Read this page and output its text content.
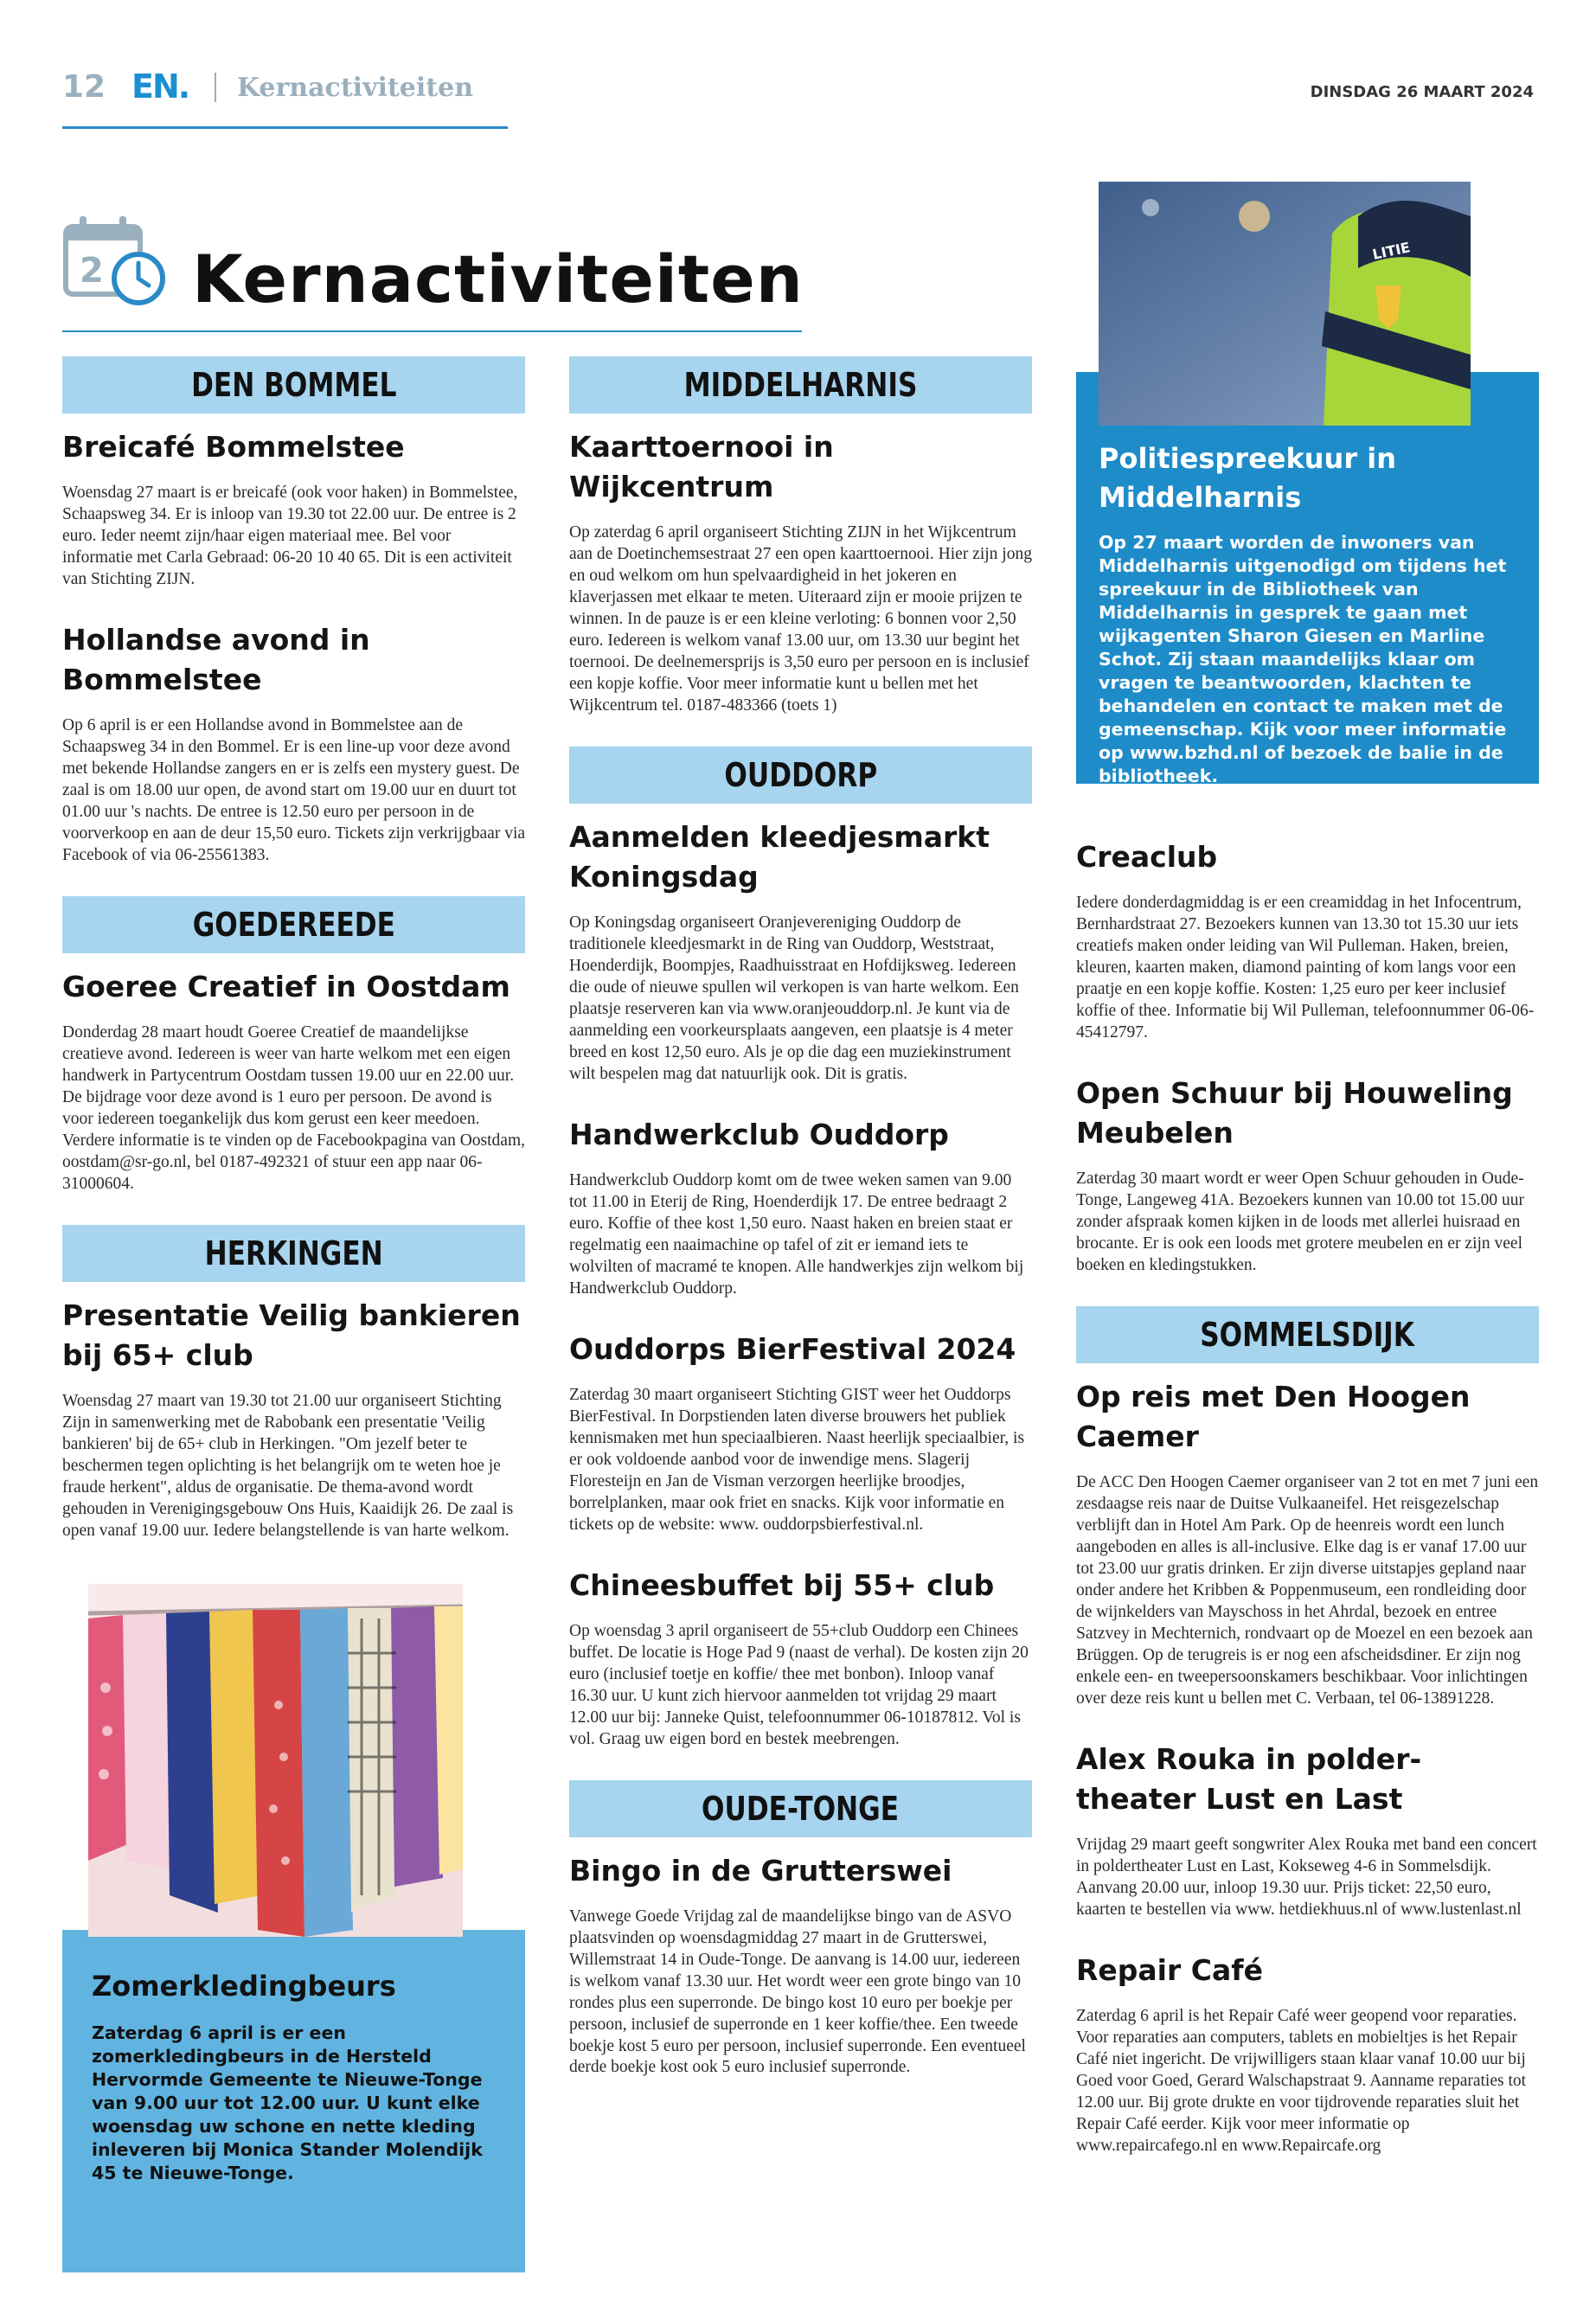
12 EN. Kernactiviteiten	DINSDAG 26 MAART 2024
2 Kernactiviteiten
DEN BOMMEL
Breicafé Bommelstee

Woensdag 27 maart is er breicafé (ook voor haken) in Bommelstee, Schaapsweg 34. Er is inloop van 19.30 tot 22.00 uur. De entree is 2 euro. Ieder neemt zijn/haar eigen materiaal mee. Bel voor informatie met Carla Gebraad: 06-20 10 40 65. Dit is een activiteit van Stichting ZIJN.

Hollandse avond in Bommelstee

Op 6 april is er een Hollandse avond in Bommelstee aan de Schaapsweg 34 in den Bommel. Er is een line-up voor deze avond met bekende Hollandse zangers en er is zelfs een mystery guest. De zaal is om 18.00 uur open, de avond start om 19.00 uur en duurt tot 01.00 uur 's nachts. De entree is 12.50 euro per persoon in de voorverkoop en aan de deur 15,50 euro. Tickets zijn verkrijgbaar via Facebook of via 06-25561383.

GOEDEREEDE
Goeree Creatief in Oostdam

Donderdag 28 maart houdt Goeree Creatief de maandelijkse creatieve avond. Iedereen is weer van harte welkom met een eigen handwerk in Partycentrum Oostdam tussen 19.00 uur en 22.00 uur. De bijdrage voor deze avond is 1 euro per persoon. De avond is voor iedereen toegankelijk dus kom gerust een keer meedoen. Verdere informatie is te vinden op de Facebookpagina van Oostdam, oostdam@sr-go.nl, bel 0187-492321 of stuur een app naar 06-31000604.

HERKINGEN
Presentatie Veilig bankieren bij 65+ club

Woensdag 27 maart van 19.30 tot 21.00 uur organiseert Stichting Zijn in samenwerking met de Rabobank een presentatie 'Veilig bankieren' bij de 65+ club in Herkingen. "Om jezelf beter te beschermen tegen oplichting is het belangrijk om te weten hoe je fraude herkent", aldus de organisatie. De thema-avond wordt gehouden in Verenigingsgebouw Ons Huis, Kaaidijk 26. De zaal is open vanaf 19.00 uur. Iedere belangstellende is van harte welkom.

Zomerkledingbeurs
Zaterdag 6 april is er een zomerkledingbeurs in de Hersteld Hervormde Gemeente te Nieuwe-Tonge van 9.00 uur tot 12.00 uur. U kunt elke woensdag uw schone en nette kleding inleveren bij Monica Stander Molendijk 45 te Nieuwe-Tonge.
MIDDELHARNIS
Kaarttoernooi in Wijkcentrum

Op zaterdag 6 april organiseert Stichting ZIJN in het Wijkcentrum aan de Doetinchemsestraat 27 een open kaarttoernooi. Hier zijn jong en oud welkom om hun spelvaardigheid in het jokeren en klaverjassen met elkaar te meten. Uiteraard zijn er mooie prijzen te winnen. In de pauze is er een kleine verloting: 6 bonnen voor 2,50 euro. Iedereen is welkom vanaf 13.00 uur, om 13.30 uur begint het toernooi. De deelnemersprijs is 3,50 euro per persoon en is inclusief een kopje koffie. Voor meer informatie kunt u bellen met het Wijkcentrum tel. 0187-483366 (toets 1)

OUDDORP
Aanmelden kleedjesmarkt Koningsdag

Op Koningsdag organiseert Oranjevereniging Ouddorp de traditionele kleedjesmarkt in de Ring van Ouddorp, Weststraat, Hoenderdijk, Boompjes, Raadhuisstraat en Hofdijksweg. Iedereen die oude of nieuwe spullen wil verkopen is van harte welkom. Een plaatsje reserveren kan via www.oranjeouddorp.nl. Je kunt via de aanmelding een voorkeursplaats aangeven, een plaatsje is 4 meter breed en kost 12,50 euro. Als je op die dag een muziekinstrument wilt bespelen mag dat natuurlijk ook. Dit is gratis.

Handwerkclub Ouddorp

Handwerkclub Ouddorp komt om de twee weken samen van 9.00 tot 11.00 in Eterij de Ring, Hoenderdijk 17. De entree bedraagt 2 euro. Koffie of thee kost 1,50 euro. Naast haken en breien staat er regelmatig een naaimachine op tafel of zit er iemand iets te wolvilten of macramé te knopen. Alle handwerkjes zijn welkom bij Handwerkclub Ouddorp.

Ouddorps BierFestival 2024

Zaterdag 30 maart organiseert Stichting GIST weer het Ouddorps BierFestival. In Dorpstienden laten diverse brouwers het publiek kennismaken met hun speciaalbieren. Naast heerlijk speciaalbier, is er ook voldoende aanbod voor de inwendige mens. Slagerij Floresteijn en Jan de Visman verzorgen heerlijke broodjes, borrelplanken, maar ook friet en snacks. Kijk voor informatie en tickets op de website: www. ouddorpsbierfestival.nl.

Chineesbuffet bij 55+ club

Op woensdag 3 april organiseert de 55+club Ouddorp een Chinees buffet. De locatie is Hoge Pad 9 (naast de verhal). De kosten zijn 20 euro (inclusief toetje en koffie/ thee met bonbon). Inloop vanaf 16.30 uur. U kunt zich hiervoor aanmelden tot vrijdag 29 maart 12.00 uur bij: Janneke Quist, telefoonnummer 06-10187812. Vol is vol. Graag uw eigen bord en bestek meebrengen.

OUDE-TONGE
Bingo in de Grutterswei

Vanwege Goede Vrijdag zal de maandelijkse bingo van de ASVO plaatsvinden op woensdagmiddag 27 maart in de Grutterswei, Willemstraat 14 in Oude-Tonge. De aanvang is 14.00 uur, iedereen is welkom vanaf 13.30 uur. Het wordt weer een grote bingo van 10 rondes plus een superronde. De bingo kost 10 euro per boekje per persoon, inclusief de superronde en 1 keer koffie/thee. Een tweede boekje kost 5 euro per persoon, inclusief superronde. Een eventueel derde boekje kost ook 5 euro inclusief superronde.

LITIE
Politiespreekuur in Middelharnis
Op 27 maart worden de inwoners van Middelharnis uitgenodigd om tijdens het spreekuur in de Bibliotheek van Middelharnis in gesprek te gaan met wijkagenten Sharon Giesen en Marline Schot. Zij staan maandelijks klaar om vragen te beantwoorden, klachten te behandelen en contact te maken met de gemeenschap. Kijk voor meer informatie op www.bzhd.nl of bezoek de balie in de bibliotheek.
Creaclub

Iedere donderdagmiddag is er een creamiddag in het Infocentrum, Bernhardstraat 27. Bezoekers kunnen van 13.30 tot 15.30 uur iets creatiefs maken onder leiding van Wil Pulleman. Haken, breien, kleuren, kaarten maken, diamond painting of kom langs voor een praatje en een kopje koffie. Kosten: 1,25 euro per keer inclusief koffie of thee. Informatie bij Wil Pulleman, telefoonnummer 06-06-45412797.

Open Schuur bij Houweling Meubelen

Zaterdag 30 maart wordt er weer Open Schuur gehouden in Oude-Tonge, Langeweg 41A. Bezoekers kunnen van 10.00 tot 15.00 uur zonder afspraak komen kijken in de loods met allerlei huisraad en brocante. Er is ook een loods met grotere meubelen en er zijn veel boeken en kledingstukken.

SOMMELSDIJK
Op reis met Den Hoogen Caemer

De ACC Den Hoogen Caemer organiseer van 2 tot en met 7 juni een zesdaagse reis naar de Duitse Vulkaaneifel. Het reisgezelschap verblijft dan in Hotel Am Park. Op de heenreis wordt een lunch aangeboden en alles is all-inclusive. Elke dag is er vanaf 17.00 uur tot 23.00 uur gratis drinken. Er zijn diverse uitstapjes gepland naar onder andere het Kribben & Poppenmuseum, een rondleiding door de wijnkelders van Mayschoss in het Ahrdal, bezoek en entree Satzvey in Mechternich, rondvaart op de Moezel en een bezoek aan Brüggen. Op de terugreis is er nog een afscheidsdiner. Er zijn nog enkele een- en tweepersoonskamers beschikbaar. Voor inlichtingen over deze reis kunt u bellen met C. Verbaan, tel 06-13891228.

Alex Rouka in polder-theater Lust en Last

Vrijdag 29 maart geeft songwriter Alex Rouka met band een concert in poldertheater Lust en Last, Kokseweg 4-6 in Sommelsdijk. Aanvang 20.00 uur, inloop 19.30 uur. Prijs ticket: 22,50 euro, kaarten te bestellen via www. hetdiekhuus.nl of www.lustenlast.nl

Repair Café

Zaterdag 6 april is het Repair Café weer geopend voor reparaties. Voor reparaties aan computers, tablets en mobieltjes is het Repair Café niet ingericht. De vrijwilligers staan klaar vanaf 10.00 uur bij Goed voor Goed, Gerard Walschapstraat 9. Aanname reparaties tot 12.00 uur. Bij grote drukte en voor tijdrovende reparaties sluit het Repair Café eerder. Kijk voor meer informatie op www.repaircafego.nl en www.Repaircafe.org
